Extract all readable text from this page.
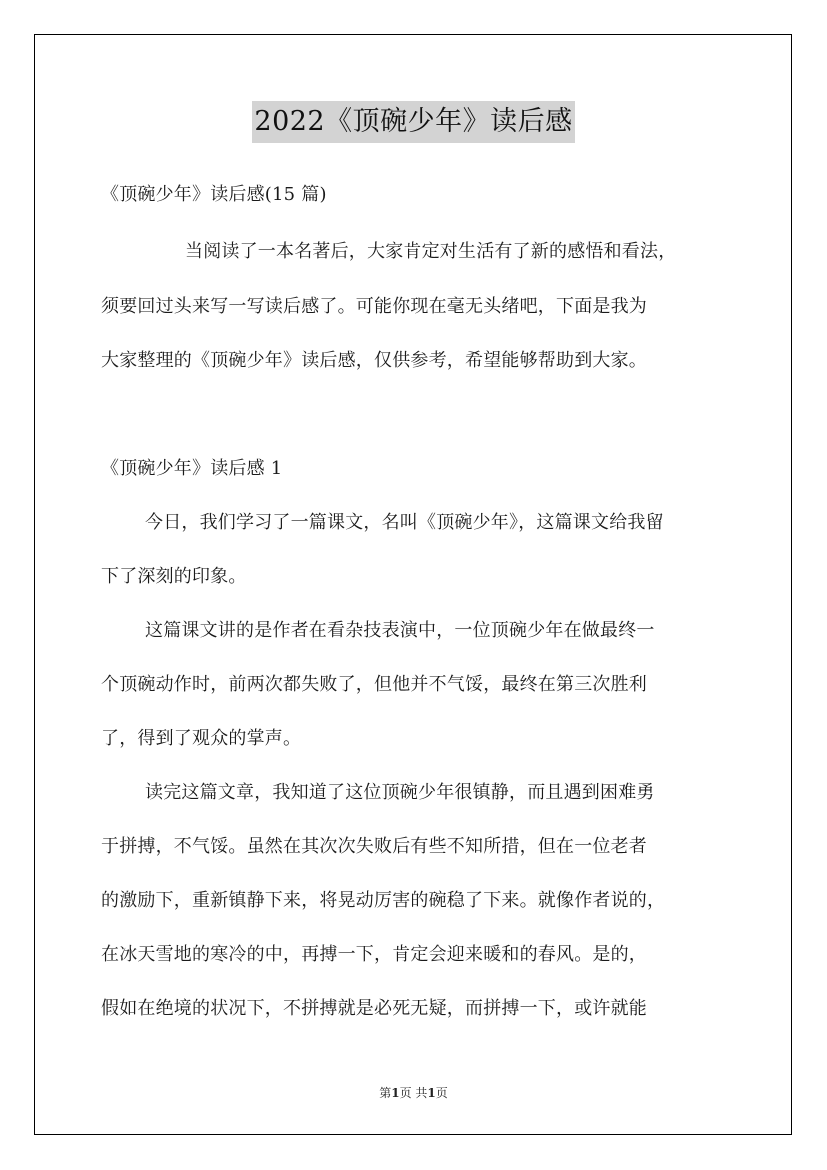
2022《顶碗少年》读后感
《顶碗少年》读后感(15 篇)
当阅读了一本名著后，大家肯定对生活有了新的感悟和看法，
须要回过头来写一写读后感了。可能你现在毫无头绪吧，下面是我为
大家整理的《顶碗少年》读后感，仅供参考，希望能够帮助到大家。
《顶碗少年》读后感 1
今日，我们学习了一篇课文，名叫《顶碗少年》，这篇课文给我留
下了深刻的印象。
这篇课文讲的是作者在看杂技表演中，一位顶碗少年在做最终一
个顶碗动作时，前两次都失败了，但他并不气馁，最终在第三次胜利
了，得到了观众的掌声。
读完这篇文章，我知道了这位顶碗少年很镇静，而且遇到困难勇
于拼搏，不气馁。虽然在其次次失败后有些不知所措，但在一位老者
的激励下，重新镇静下来，将晃动厉害的碗稳了下来。就像作者说的，
在冰天雪地的寒冷的中，再搏一下，肯定会迎来暖和的春风。是的，
假如在绝境的状况下，不拼搏就是必死无疑，而拼搏一下，或许就能
第1页 共1页
